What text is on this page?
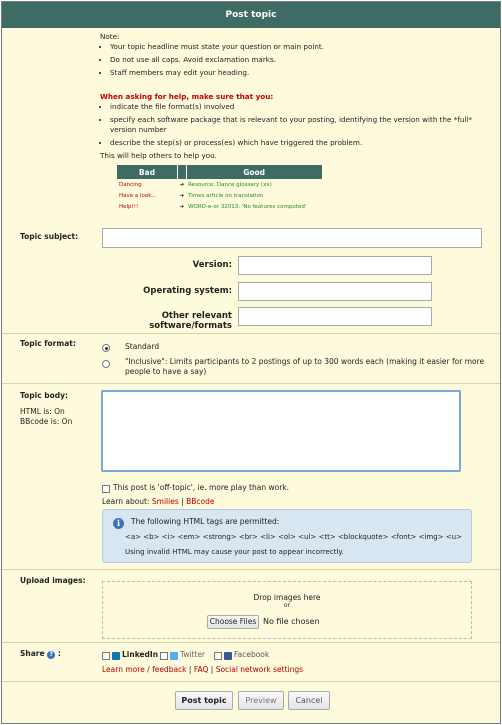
Post topic
Note:
• Your topic headline must state your question or main point.
• Do not use all caps. Avoid exclamation marks.
• Staff members may edit your heading.
When asking for help, make sure that you:
• indicate the file format(s) involved
• specify each software package that is relevant to your posting, identifying the version with the *full* version number
• describe the step(s) or process(es) which have triggered the problem.
This will help others to help you.
Bad		Good
Dancing	➔	Resource: Dance glossary (xx)
Have a look...	➔	Times article on translation
Help!!!	➔	WORD-e-or 32013: 'No features computed'
Topic subject:
Version:
Operating system:
Other relevant software/formats
Topic format:	Standard
"Inclusive": Limits participants to 2 postings of up to 300 words each (making it easier for more people to have a say)
Topic body:
HTML is: On
BBcode is: On
This post is 'off-topic', ie. more play than work.
Learn about: Smilies | BBcode
i	The following HTML tags are permitted:
<a> <b> <i> <em> <strong> <br> <li> <ol> <ul> <tt> <blockquote> <font> <img> <u>
Using invalid HTML may cause your post to appear incorrectly.
Upload images:
Drop images here
or
Choose Files No file chosen
Share ? :	LinkedIn	Twitter	Facebook
Learn more / feedback | FAQ | Social network settings
Post topic	Preview	Cancel
